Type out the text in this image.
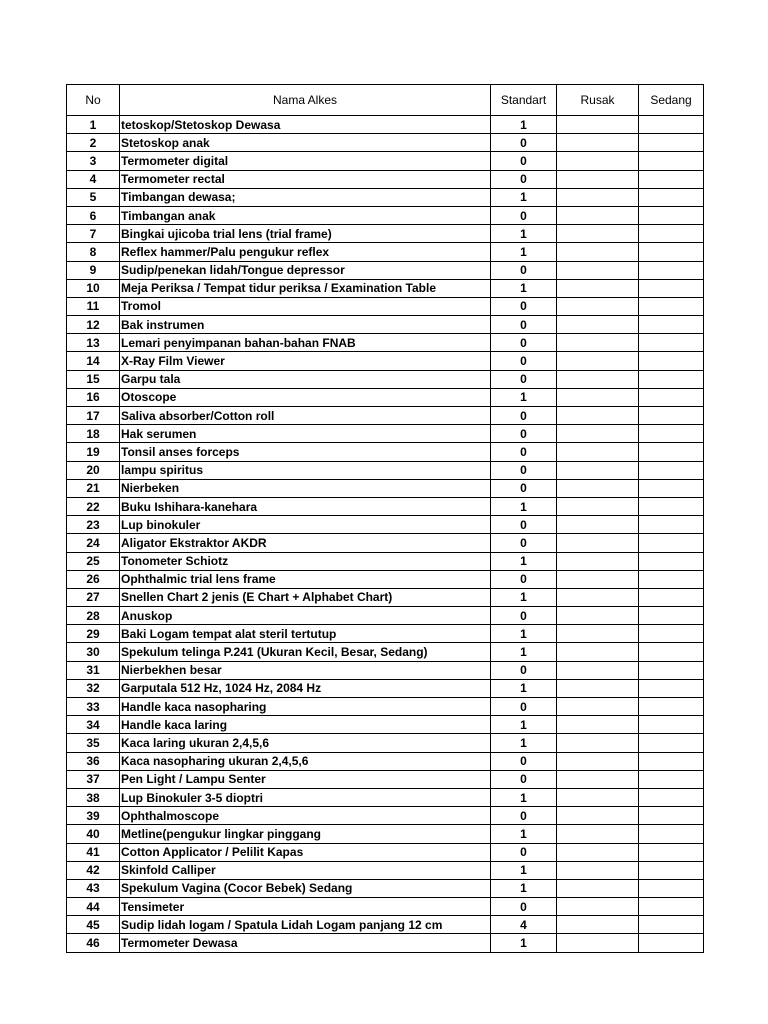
No	Nama Alkes	Standart	Rusak	Sedang
1	tetoskop/Stetoskop Dewasa	1		
2	Stetoskop anak	0		
3	Termometer digital	0		
4	Termometer rectal	0		
5	Timbangan dewasa;	1		
6	Timbangan anak	0		
7	Bingkai ujicoba trial lens (trial frame)	1		
8	Reflex hammer/Palu pengukur reflex	1		
9	Sudip/penekan lidah/Tongue depressor	0		
10	Meja Periksa / Tempat tidur periksa / Examination Table	1		
11	Tromol	0		
12	Bak instrumen	0		
13	Lemari penyimpanan bahan-bahan FNAB	0		
14	X-Ray Film Viewer	0		
15	Garpu tala	0		
16	Otoscope	1		
17	Saliva absorber/Cotton roll	0		
18	Hak serumen	0		
19	Tonsil anses forceps	0		
20	lampu spiritus	0		
21	Nierbeken	0		
22	Buku Ishihara-kanehara	1		
23	Lup binokuler	0		
24	Aligator Ekstraktor AKDR	0		
25	Tonometer Schiotz	1		
26	Ophthalmic trial lens frame	0		
27	Snellen Chart 2 jenis (E Chart + Alphabet Chart)	1		
28	Anuskop	0		
29	Baki Logam tempat alat steril tertutup	1		
30	Spekulum telinga P.241 (Ukuran Kecil, Besar, Sedang)	1		
31	Nierbekhen besar	0		
32	Garputala 512 Hz, 1024 Hz, 2084 Hz	1		
33	Handle kaca nasopharing	0		
34	Handle kaca laring	1		
35	Kaca laring ukuran 2,4,5,6	1		
36	Kaca nasopharing ukuran 2,4,5,6	0		
37	Pen Light / Lampu Senter	0		
38	Lup Binokuler 3-5 dioptri	1		
39	Ophthalmoscope	0		
40	Metline(pengukur lingkar pinggang	1		
41	Cotton Applicator / Pelilit Kapas	0		
42	Skinfold Calliper	1		
43	Spekulum Vagina (Cocor Bebek) Sedang	1		
44	Tensimeter	0		
45	Sudip lidah logam / Spatula Lidah Logam panjang 12 cm	4		
46	Termometer Dewasa	1		
